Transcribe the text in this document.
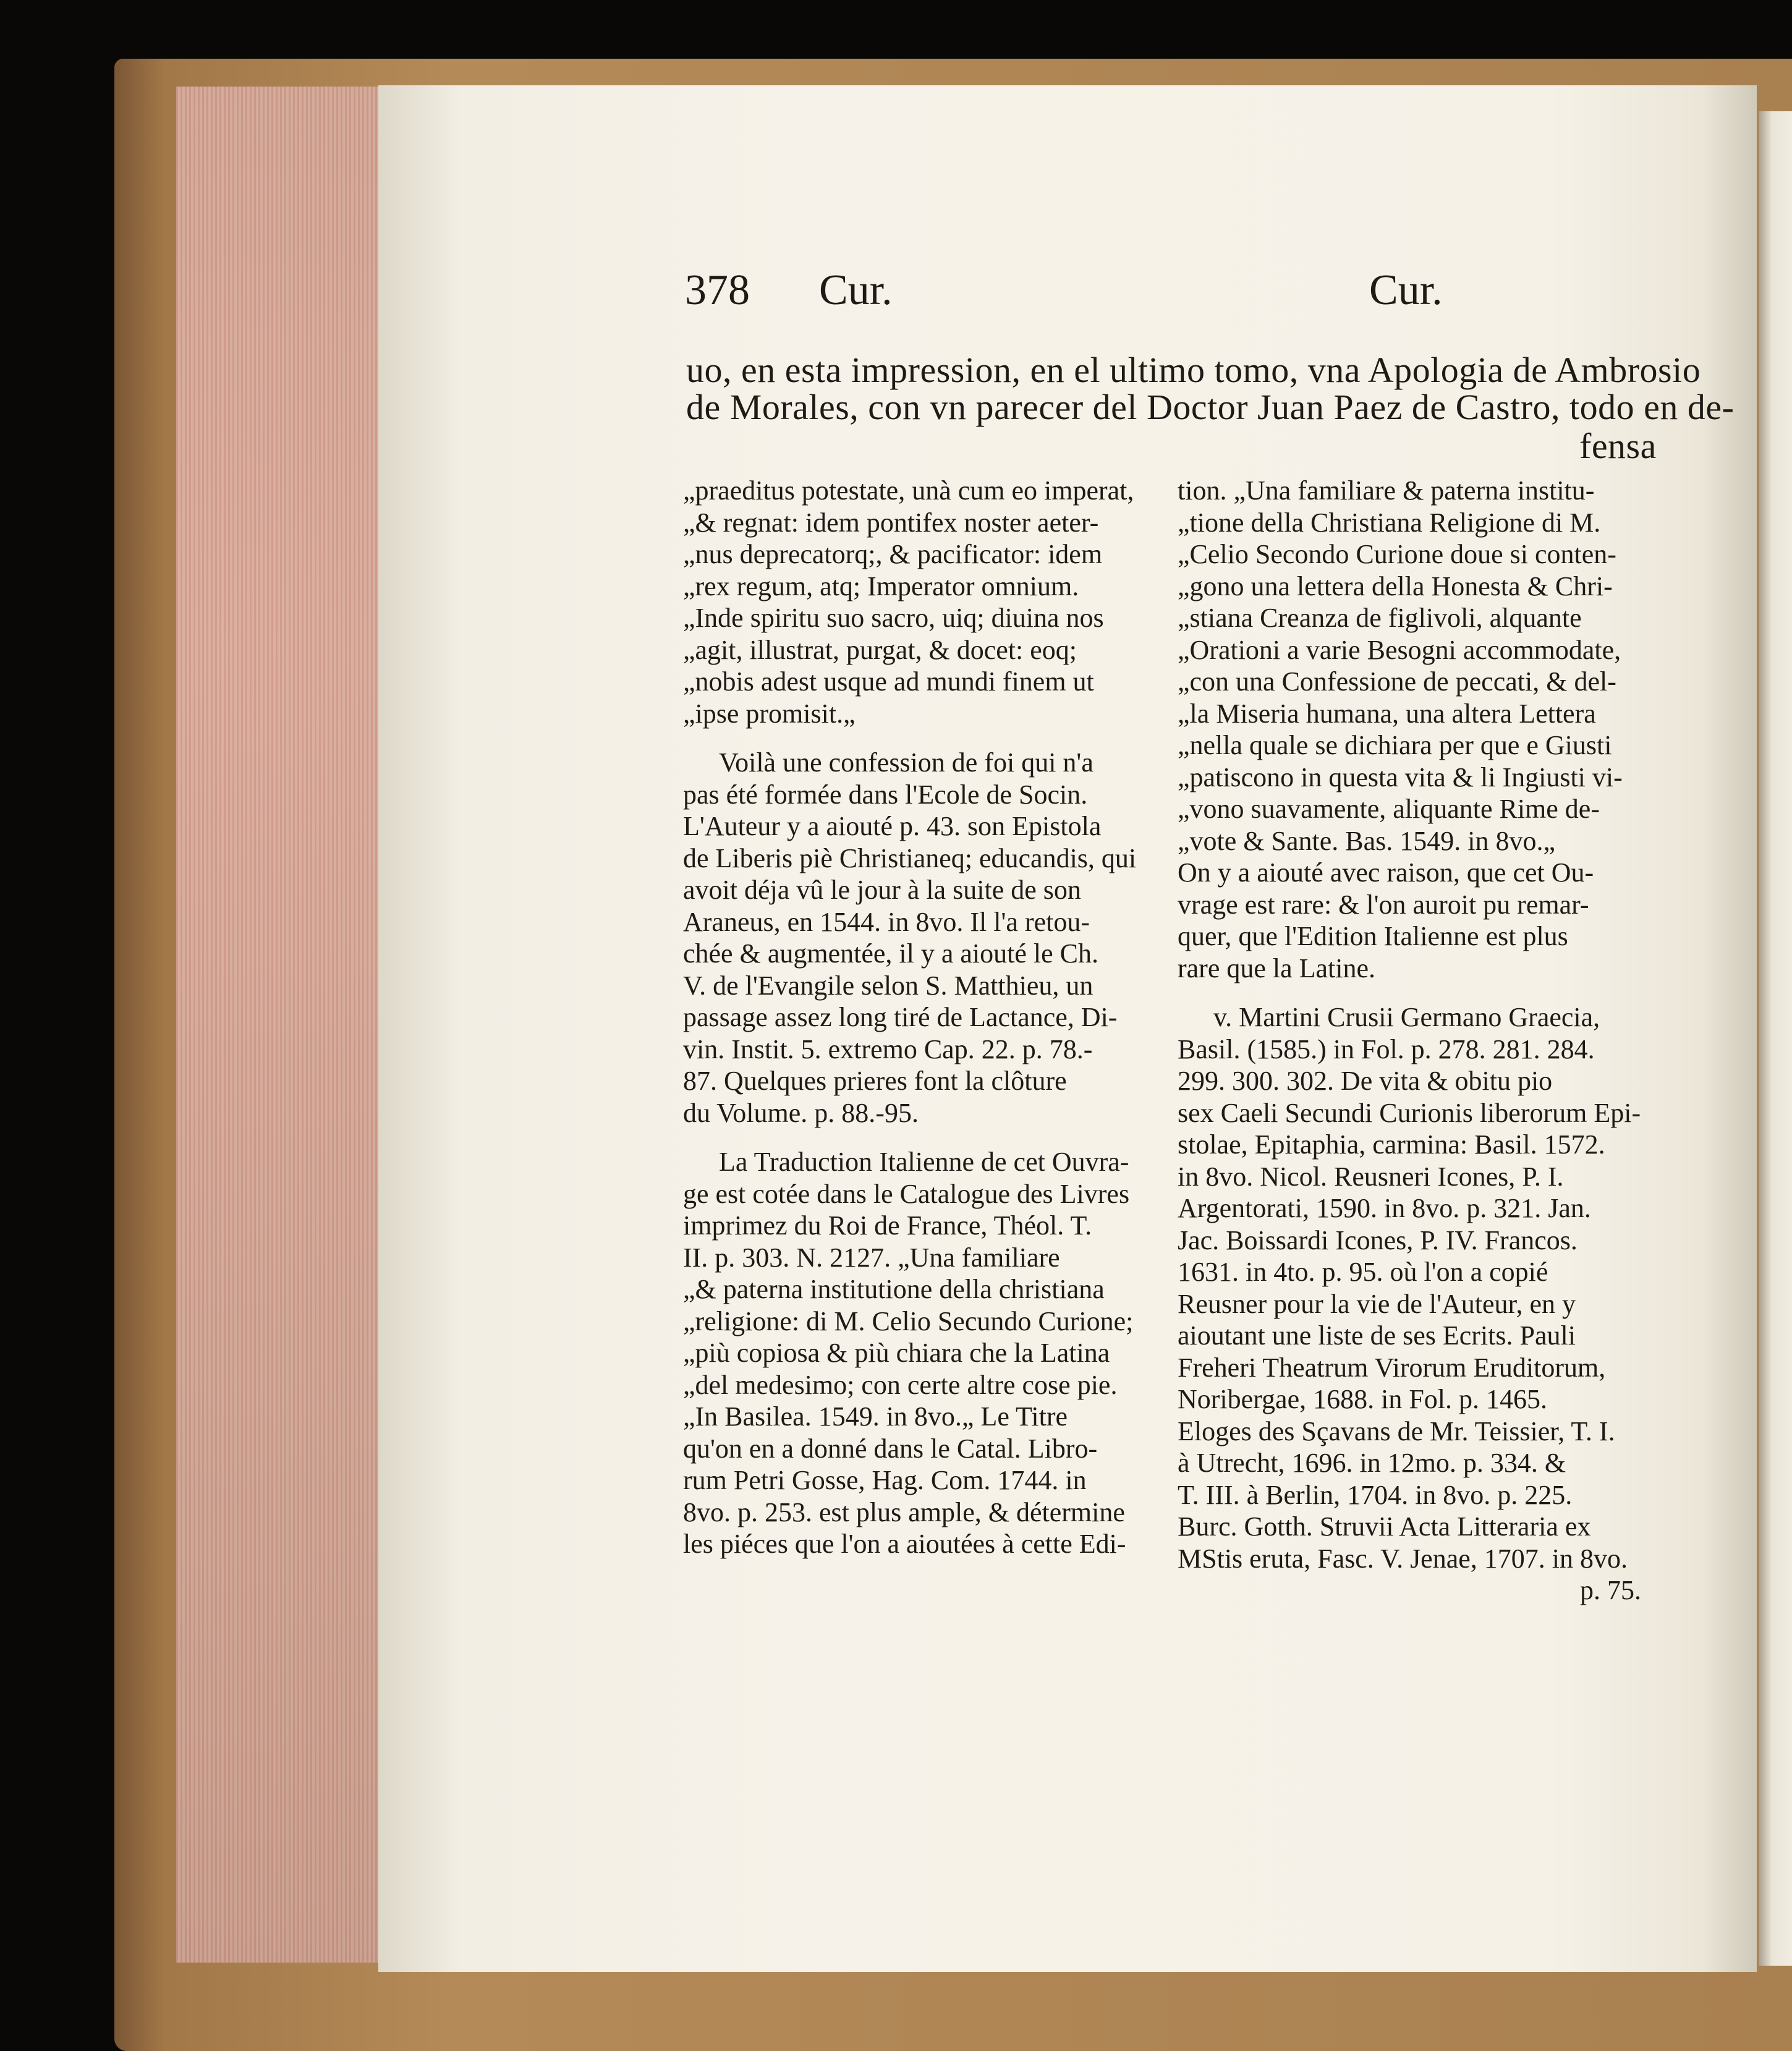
378 Cur.	Cur.
uo, en esta impression, en el ultimo tomo, vna Apologia de Ambrosio
de Morales, con vn parecer del Doctor Juan Paez de Castro, todo en de-
fensa
„praeditus potestate, unà cum eo imperat,
„& regnat: idem pontifex noster aeter-
„nus deprecatorq;, & pacificator: idem
„rex regum, atq; Imperator omnium.
„Inde spiritu suo sacro, uiq; diuina nos
„agit, illustrat, purgat, & docet: eoq;
„nobis adest usque ad mundi finem ut
„ipse promisit.„
Voilà une confession de foi qui n'a
pas été formée dans l'Ecole de Socin.
L'Auteur y a aiouté p. 43. son Epistola
de Liberis piè Christianeq; educandis, qui
avoit déja vû le jour à la suite de son
Araneus, en 1544. in 8vo. Il l'a retou-
chée & augmentée, il y a aiouté le Ch.
V. de l'Evangile selon S. Matthieu, un
passage assez long tiré de Lactance, Di-
vin. Instit. 5. extremo Cap. 22. p. 78.-
87. Quelques prieres font la clôture
du Volume. p. 88.-95.
La Traduction Italienne de cet Ouvra-
ge est cotée dans le Catalogue des Livres
imprimez du Roi de France, Théol. T.
II. p. 303. N. 2127. „Una familiare
„& paterna institutione della christiana
„religione: di M. Celio Secundo Curione;
„più copiosa & più chiara che la Latina
„del medesimo; con certe altre cose pie.
„In Basilea. 1549. in 8vo.„ Le Titre
qu'on en a donné dans le Catal. Libro-
rum Petri Gosse, Hag. Com. 1744. in
8vo. p. 253. est plus ample, & détermine
les piéces que l'on a aioutées à cette Edi-
tion. „Una familiare & paterna institu-
„tione della Christiana Religione di M.
„Celio Secondo Curione doue si conten-
„gono una lettera della Honesta & Chri-
„stiana Creanza de figlivoli, alquante
„Orationi a varie Besogni accommodate,
„con una Confessione de peccati, & del-
„la Miseria humana, una altera Lettera
„nella quale se dichiara per que e Giusti
„patiscono in questa vita & li Ingiusti vi-
„vono suavamente, aliquante Rime de-
„vote & Sante. Bas. 1549. in 8vo.„
On y a aiouté avec raison, que cet Ou-
vrage est rare: & l'on auroit pu remar-
quer, que l'Edition Italienne est plus
rare que la Latine.
v. Martini Crusii Germano Graecia,
Basil. (1585.) in Fol. p. 278. 281. 284.
299. 300. 302. De vita & obitu pio
sex Caeli Secundi Curionis liberorum Epi-
stolae, Epitaphia, carmina: Basil. 1572.
in 8vo. Nicol. Reusneri Icones, P. I.
Argentorati, 1590. in 8vo. p. 321. Jan.
Jac. Boissardi Icones, P. IV. Francos.
1631. in 4to. p. 95. où l'on a copié
Reusner pour la vie de l'Auteur, en y
aioutant une liste de ses Ecrits. Pauli
Freheri Theatrum Virorum Eruditorum,
Noribergae, 1688. in Fol. p. 1465.
Eloges des Sçavans de Mr. Teissier, T. I.
à Utrecht, 1696. in 12mo. p. 334. &
T. III. à Berlin, 1704. in 8vo. p. 225.
Burc. Gotth. Struvii Acta Litteraria ex
MStis eruta, Fasc. V. Jenae, 1707. in 8vo.
p. 75.
